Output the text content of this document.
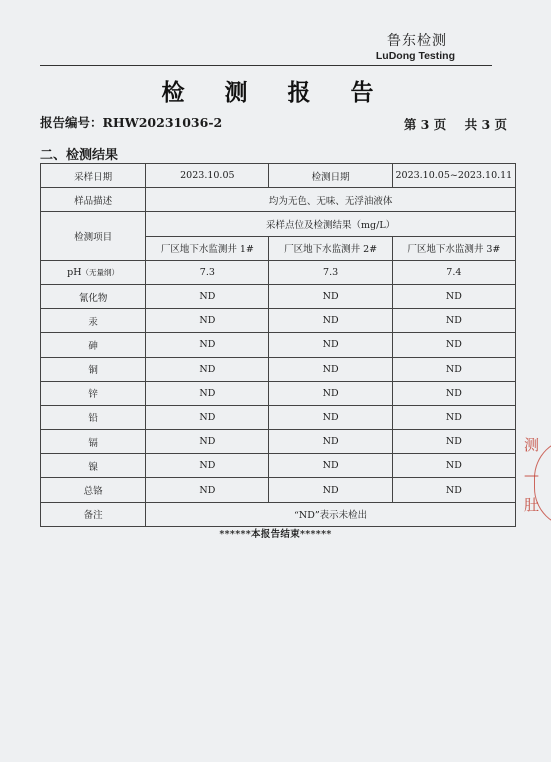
鲁东检测
LuDong Testing
检 测 报 告
报告编号：RHW20231036-2	第 3 页 共 3 页
二、检测结果
采样日期	2023.10.05	检测日期	2023.10.05~2023.10.11
样品描述	均为无色、无味、无浮油液体		
检测项目	采样点位及检测结果（mg/L）		
	厂区地下水监测井 1#	厂区地下水监测井 2#	厂区地下水监测井 3#
pH（无量纲）	7.3	7.3	7.4
氰化物	ND	ND	ND
汞	ND	ND	ND
砷	ND	ND	ND
铜	ND	ND	ND
锌	ND	ND	ND
铅	ND	ND	ND
镉	ND	ND	ND
镍	ND	ND	ND
总铬	ND	ND	ND
备注	“ND”表示未检出		
******本报告结束******
测
—
肚
